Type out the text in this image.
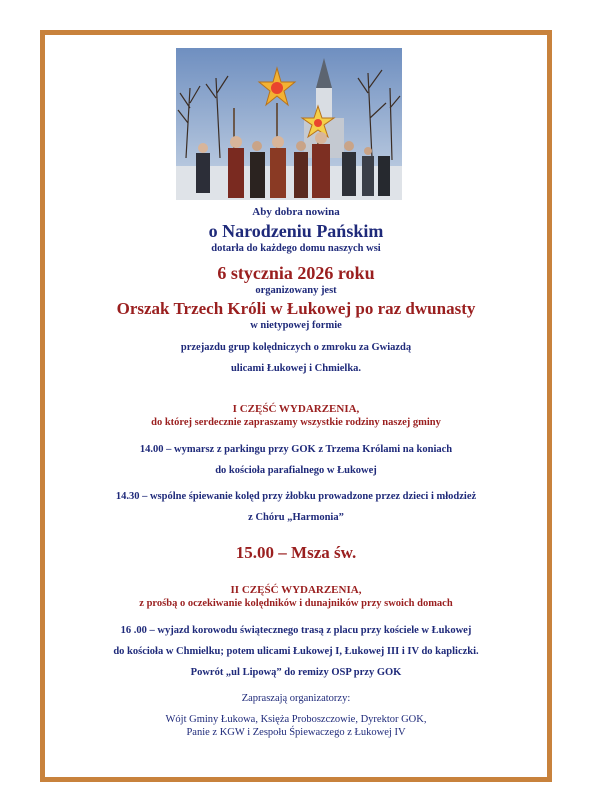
Aby dobra nowina

o Narodzeniu Pańskim

dotarła do każdego domu naszych wsi

6 stycznia 2026 roku

organizowany jest

Orszak Trzech Króli w Łukowej po raz dwunasty

w nietypowej formie

przejazdu grup kolędniczych o zmroku za Gwiazdą

ulicami Łukowej i Chmielka.

I CZĘŚĆ WYDARZENIA,

do której serdecznie zapraszamy wszystkie rodziny naszej gminy

14.00 – wymarsz z parkingu przy GOK z Trzema Królami na koniach

do kościoła parafialnego w Łukowej

14.30 – wspólne śpiewanie kolęd przy żłobku prowadzone przez dzieci i młodzież

z Chóru „Harmonia”

15.00 – Msza św.

II CZĘŚĆ WYDARZENIA,

z prośbą o oczekiwanie kolędników i dunajników przy swoich domach

16 .00 – wyjazd korowodu świątecznego trasą z placu przy kościele w Łukowej

do kościoła w Chmielku; potem ulicami Łukowej I, Łukowej III i IV do kapliczki.

Powrót „ul Lipową” do remizy OSP przy GOK

Zapraszają organizatorzy:

Wójt Gminy Łukowa, Księża Proboszczowie, Dyrektor GOK,

Panie z KGW i Zespołu Śpiewaczego z Łukowej IV
